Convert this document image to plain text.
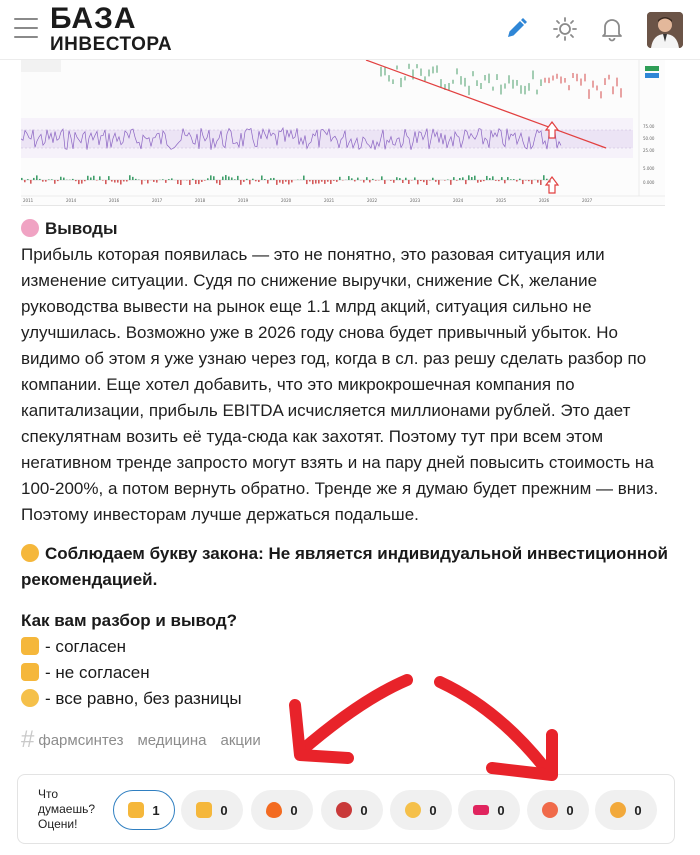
БАЗА
ИНВЕСТОРА
2011	2014	2016	2017	2018	2019	2020	2021	2022	2023	2024	2025	2026	2027
75.00
50.00
25.00
5.000
0.000
Выводы
Прибыль которая появилась — это не понятно, это разовая ситуация или изменение ситуации. Судя по снижение выручки, снижение СК, желание руководства вывести на рынок еще 1.1 млрд акций, ситуация сильно не улучшилась. Возможно уже в 2026 году снова будет привычный убыток. Но видимо об этом я уже узнаю через год, когда в сл. раз решу сделать разбор по компании. Еще хотел добавить, что это микрокрошечная компания по капитализации, прибыль EBITDA исчисляется миллионами рублей. Это дает спекулятнам возить её туда-сюда как захотят. Поэтому тут при всем этом негативном тренде запросто могут взять и на пару дней повысить стоимость на 100-200%, а потом вернуть обратно. Тренде же я думаю будет прежним — вниз. Поэтому инвесторам лучше держаться подальше.
Соблюдаем букву закона: Не является индивидуальной инвестиционной рекомендацией.
Как вам разбор и вывод?
- согласен
- не согласен
- все равно, без разницы
# фармсинтез медицина акции
Что думаешь? Оцени!
1	0	0	0	0	0	0	0
